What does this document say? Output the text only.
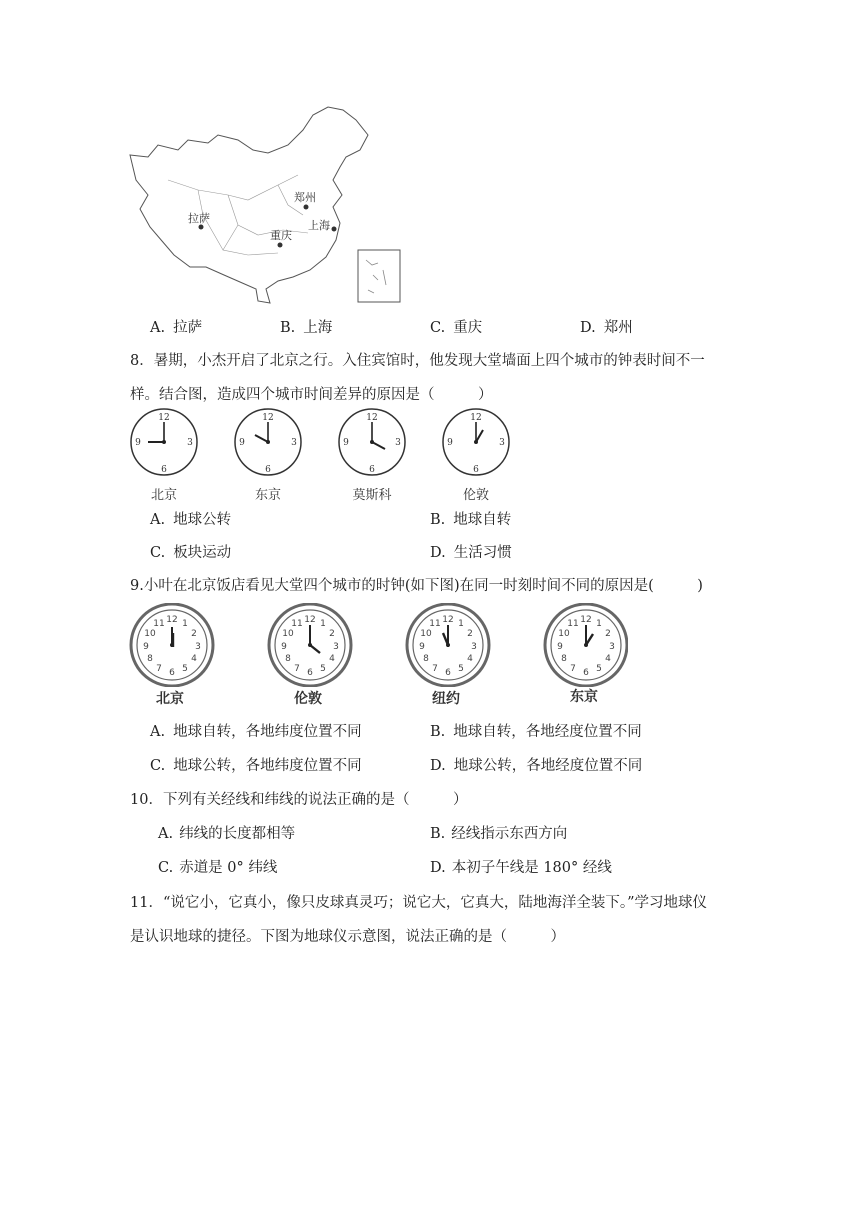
拉萨
郑州
重庆
上海
A. 拉萨	B. 上海	C. 重庆	D. 郑州
8．暑期，小杰开启了北京之行。入住宾馆时，他发现大堂墙面上四个城市的钟表时间不一
样。结合图，造成四个城市时间差异的原因是（　　　）
12
3
6
9
12
3
6
9
12
3
6
9
12
3
6
9
北京	东京	莫斯科	伦敦
A. 地球公转	B. 地球自转
C. 板块运动	D. 生活习惯
9.小叶在北京饭店看见大堂四个城市的时钟(如下图)在同一时刻时间不同的原因是(　　　)
12 1
2
3
4
5
6
7
8
9
10
11	12 1
2
3
4
5
6
7
8
9
10
11	12 1
2
3
4
5
6
7
8
9
10
11	12 1
2
3
4
5
6
7
8
9
10
11
北京	伦敦	纽约	东京
A. 地球自转，各地纬度位置不同	B. 地球自转，各地经度位置不同
C. 地球公转，各地纬度位置不同	D. 地球公转，各地经度位置不同
10．下列有关经线和纬线的说法正确的是（　　　）
A. 纬线的长度都相等	B. 经线指示东西方向
C. 赤道是 0° 纬线	D. 本初子午线是 180° 经线
11．“说它小，它真小，像只皮球真灵巧；说它大，它真大，陆地海洋全装下。”学习地球仪
是认识地球的捷径。下图为地球仪示意图，说法正确的是（　　　）
